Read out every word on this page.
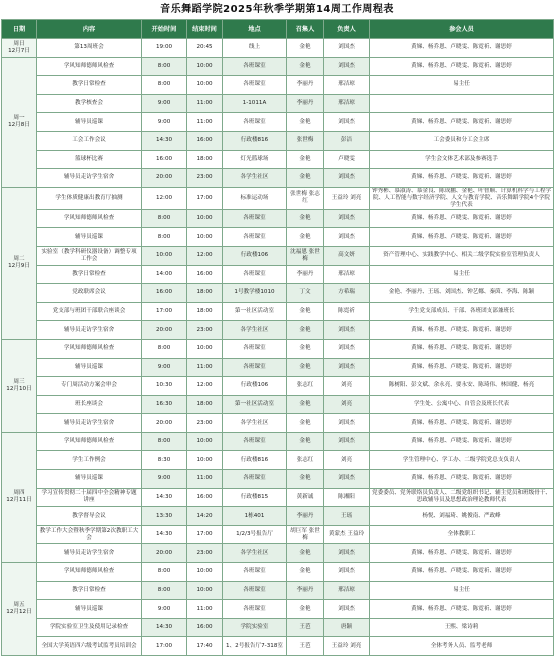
音乐舞蹈学院2025年秋季学期第14周工作周程表
日期	内容	开始时间	结束时间	地点	召集人	负责人	参会人员

周日
12月7日	第13周班会	19:00	20:45	线上	金艳	刘国杰	黄娣、杨乔恩、卢晓雯、陈霓祈、谢思婷

周一
12月8日	学风知师德师风检查	8:00	10:00	各班课室	金艳	刘国杰	黄娣、杨乔恩、卢晓雯、陈霓祈、谢思婷
	教学日常检查	8:00	10:00	各班课室	李丽丹	邢洁琼	易主任
	教学核查会	9:00	11:00	1-1011A	李丽丹	邢洁琼	
	辅导员巡课	9:00	11:00	各班课室	金艳	刘国杰	黄娣、杨乔恩、卢晓雯、陈霓祈、谢思婷
	工会工作会议	14:30	16:00	行政楼816	张世梅	彭洁	工会委员和分工会主席
	篮球杯比赛	16:00	18:00	灯光篮球场	金艳	卢晓雯	学生会文体艺术部及参赛选手
	辅导员走访学生宿舍	20:00	23:00	各学生社区	金艳	刘国杰	黄娣、杨乔恩、卢晓雯、陈霓祈、谢思婷

周二
12月9日	学生体质健康出教育厅抽测	12:00	17:00	标准运动场	张世梅 张志红	王益玲 刘亮	钟秀彬、慕淑涛、慕金良、陈成鹏、金艳、叶智顺、计算机科学与工程学院、人工智能与数字经济学院、人文与教育学院、音乐舞蹈学院4个学院学生代表
	学风知师德师风检查	8:00	10:00	各班课室	金艳	刘国杰	黄娣、杨乔恩、卢晓雯、陈霓祈、谢思婷
	辅导员巡课	8:00	10:00	各班课室	金艳	刘国杰	黄娣、杨乔恩、卢晓雯、陈霓祈、谢思婷
	实验室（教学科研仪器设备）调整专项工作会	10:00	12:00	行政楼106	沈福恩 张世梅	高文妍	资产管理中心、实践教学中心、相关二级学院实验室管理负责人
	教学日常检查	14:00	16:00	各班课室	李丽丹	邢洁琼	易主任
	党政联席会议	16:00	18:00	1号教学楼1010	丁文	方希瑞	金艳、李丽丹、王瑶、刘国杰、钟艺娜、秦茵、李海、陈颖
	党支部与班团干部联合座谈会	17:00	18:00	第一社区活动室	金艳	陈霓祈	学生党支部成员、干部、各班团支部兼班长
	辅导员走访学生宿舍	20:00	23:00	各学生社区	金艳	刘国杰	黄娣、杨乔恩、卢晓雯、陈霓祈、谢思婷

周三
12月10日	学风知师德师风检查	8:00	10:00	各班课室	金艳	刘国杰	黄娣、杨乔恩、卢晓雯、陈霓祈、谢思婷
	辅导员巡课	9:00	11:00	各班课室	金艳	刘国杰	黄娣、杨乔恩、卢晓雯、陈霓祈、谢思婷
	专门周活动方案会审会	10:30	12:00	行政楼106	张志红	刘亮	陈树阳、彭文斌、余永亮、要永安、陈琦伟、林国健、杨亮
	班长座谈会	16:30	18:00	第一社区活动室	金艳	刘亮	学生处、公寓中心、自管会及班长代表
	辅导员走访学生宿舍	20:00	23:00	各学生社区	金艳	刘国杰	黄娣、杨乔恩、卢晓雯、陈霓祈、谢思婷

周四
12月11日	学风知师德师风检查	8:00	10:00	各班课室	金艳	刘国杰	黄娣、杨乔恩、卢晓雯、陈霓祈、谢思婷
	学生工作例会	8:30	10:00	行政楼816	张志红	刘亮	学生管理中心、学工办、二级学院党总支负责人
	辅导员巡课	9:00	11:00	各班课室	金艳	刘国杰	黄娣、杨乔恩、卢晓雯、陈霓祈、谢思婷
	学习宣传贯彻二十届四中全会精神专题讲座	14:30	16:00	行政楼815	黄新诚	陈湘阳	党委委员、党务联络员负责人、二级党组织书记、辅主党员和班级骨干、思政辅导员及思想政治理论教师代表
	教学督导会议	13:30	14:20	1栋401	李丽丹	王瑶	杨悦、刘福琦、姚俊南、严政峰
	教学工作大会暨秋季学期第2次教职工大会	14:30	17:00	1/2/3号报告厅	胡巨军 张世梅	黄蒙杰 王益玲	全体教职工
	辅导员走访学生宿舍	20:00	23:00	各学生社区	金艳	刘国杰	黄娣、杨乔恩、卢晓雯、陈霓祈、谢思婷

周五
12月12日	学风知师德师风检查	8:00	10:00	各班课室	金艳	刘国杰	黄娣、杨乔恩、卢晓雯、陈霓祈、谢思婷
	教学日常检查	8:00	10:00	各班课室	李丽丹	邢洁琼	易主任
	辅导员巡课	9:00	11:00	各班课室	金艳	刘国杰	黄娣、杨乔恩、卢晓雯、陈霓祈、谢思婷
	学院实验室卫生及使用记录检查	14:30	16:00	学院实验室	王芭	唐颖	王熙、梁诗莉
	全国大学英语四六级考试监考员培训会	17:00	17:40	1、2号报告厅7-318室	王芭	王益玲 刘亮	全体考务人员、监考老师
